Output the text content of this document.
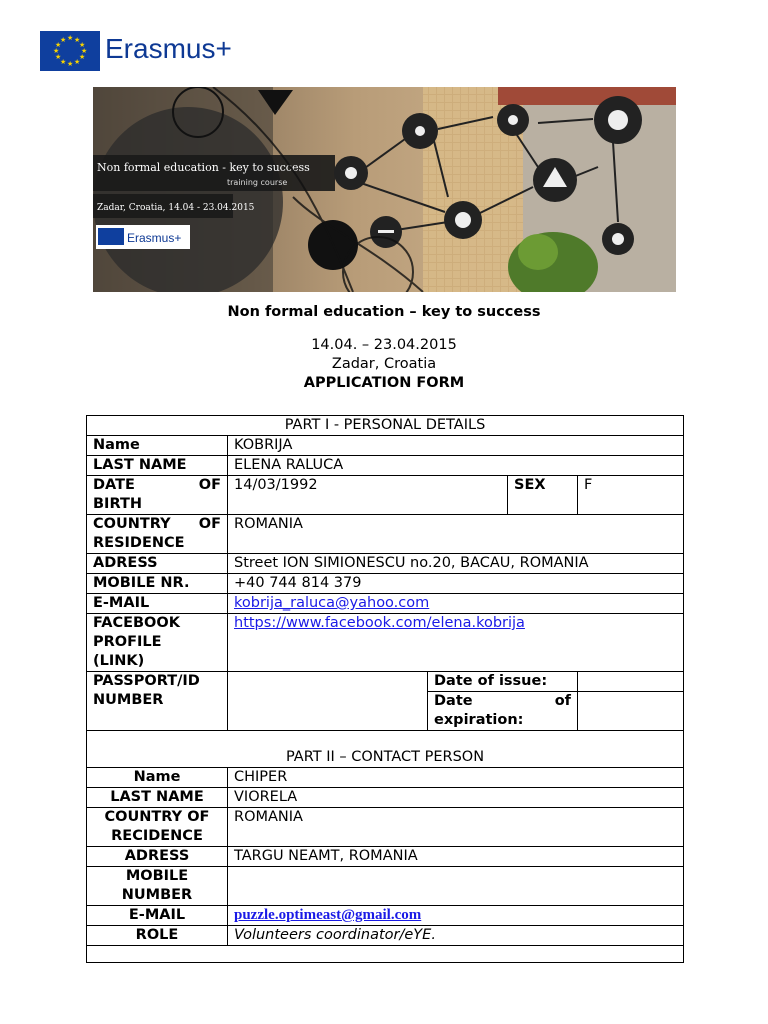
★ ★
★
★
★
★
★
★
★
★
★
★ Erasmus+
Non formal education - key to success
training course
Zadar, Croatia, 14.04 - 23.04.2015
Erasmus+
Non formal education – key to success
14.04. – 23.04.2015
Zadar, Croatia
APPLICATION FORM
PART I - PERSONAL DETAILS				
Name	KOBRIJA			
LAST NAME	ELENA RALUCA			

DATE OF
BIRTH	14/03/1992		SEX	F

COUNTRY OF
RESIDENCE	ROMANIA			
ADRESS	Street ION SIMIONESCU no.20, BACAU, ROMANIA			
MOBILE NR.	+40 744 814 379			
E-MAIL	kobrija_raluca@yahoo.com			

FACEBOOK
PROFILE
(LINK)	https://www.facebook.com/elena.kobrija			

PASSPORT/ID
NUMBER		Date of issue:		

		Date of
expiration:		

PART II – CONTACT PERSON				
Name	CHIPER			
LAST NAME	VIORELA			

COUNTRY OF
RECIDENCE	ROMANIA			
ADRESS	TARGU NEAMT, ROMANIA			

MOBILE
NUMBER				

E-MAIL	puzzle.optimeast@gmail.com			
ROLE	Volunteers coordinator/eYE.			
